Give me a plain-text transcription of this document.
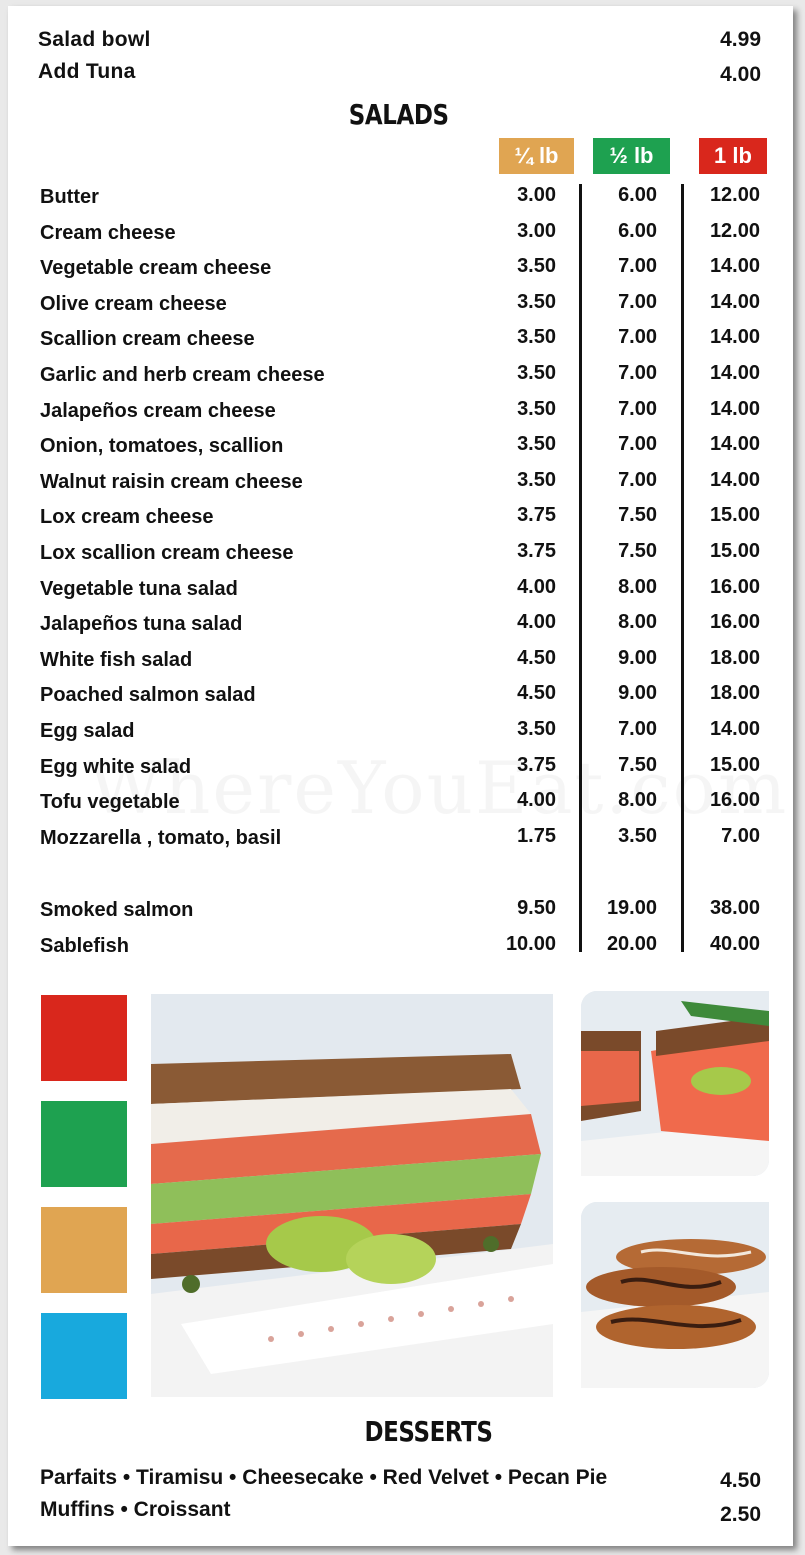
Salad bowl	4.99
Add Tuna	4.00
SALADS
¼ lb	½ lb	1 lb
Butter	3.00	6.00	12.00
Cream cheese	3.00	6.00	12.00
Vegetable cream cheese	3.50	7.00	14.00
Olive cream cheese	3.50	7.00	14.00
Scallion cream cheese	3.50	7.00	14.00
Garlic and herb cream cheese	3.50	7.00	14.00
Jalapeños cream cheese	3.50	7.00	14.00
Onion, tomatoes, scallion	3.50	7.00	14.00
Walnut raisin cream cheese	3.50	7.00	14.00
Lox cream cheese	3.75	7.50	15.00
Lox scallion cream cheese	3.75	7.50	15.00
Vegetable tuna salad	4.00	8.00	16.00
Jalapeños tuna salad	4.00	8.00	16.00
White fish salad	4.50	9.00	18.00
Poached salmon salad	4.50	9.00	18.00
Egg salad	3.50	7.00	14.00
Egg white salad	3.75	7.50	15.00
Tofu vegetable	4.00	8.00	16.00
Mozzarella , tomato, basil	1.75	3.50	7.00
Smoked salmon	9.50	19.00	38.00
Sablefish	10.00	20.00	40.00
DESSERTS
Parfaits • Tiramisu • Cheesecake • Red Velvet • Pecan Pie	4.50
Muffins • Croissant	2.50
